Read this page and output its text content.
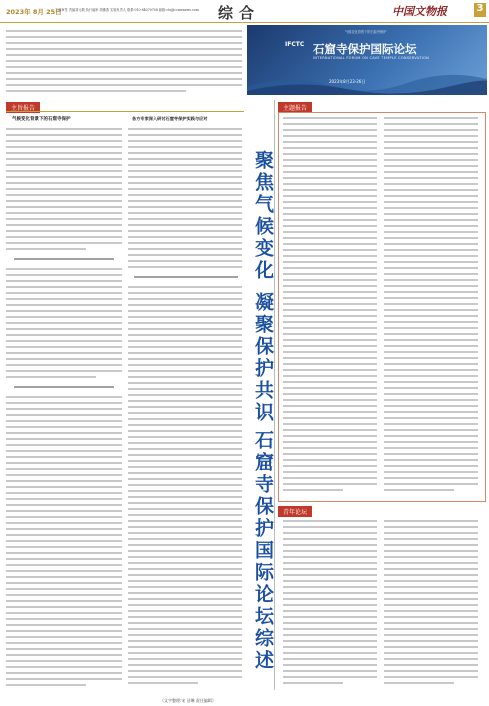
2023年 8月 25日
主编审签 责编刘元敬 执行编审 胡佛燕 实施负责人 联系:010-84070708 邮箱:ctz@ccmenews.com	综合	中国文物报	3
气候变化背景下的石窟寺保护
IFCTC 石窟寺保护国际论坛
INTERNATIONAL FORUM ON CAVE TEMPLE CONSERVATION
2023年8月23-26日
主旨报告
气候变化背景下的石窟寺保护	各方专家深入研讨石窟寺保护实践与应对
聚焦气候变化 凝聚保护共识
石窟寺保护国际论坛综述
主题报告
青年论坛
（文字整理:宋 洁琳 责任编辑）
